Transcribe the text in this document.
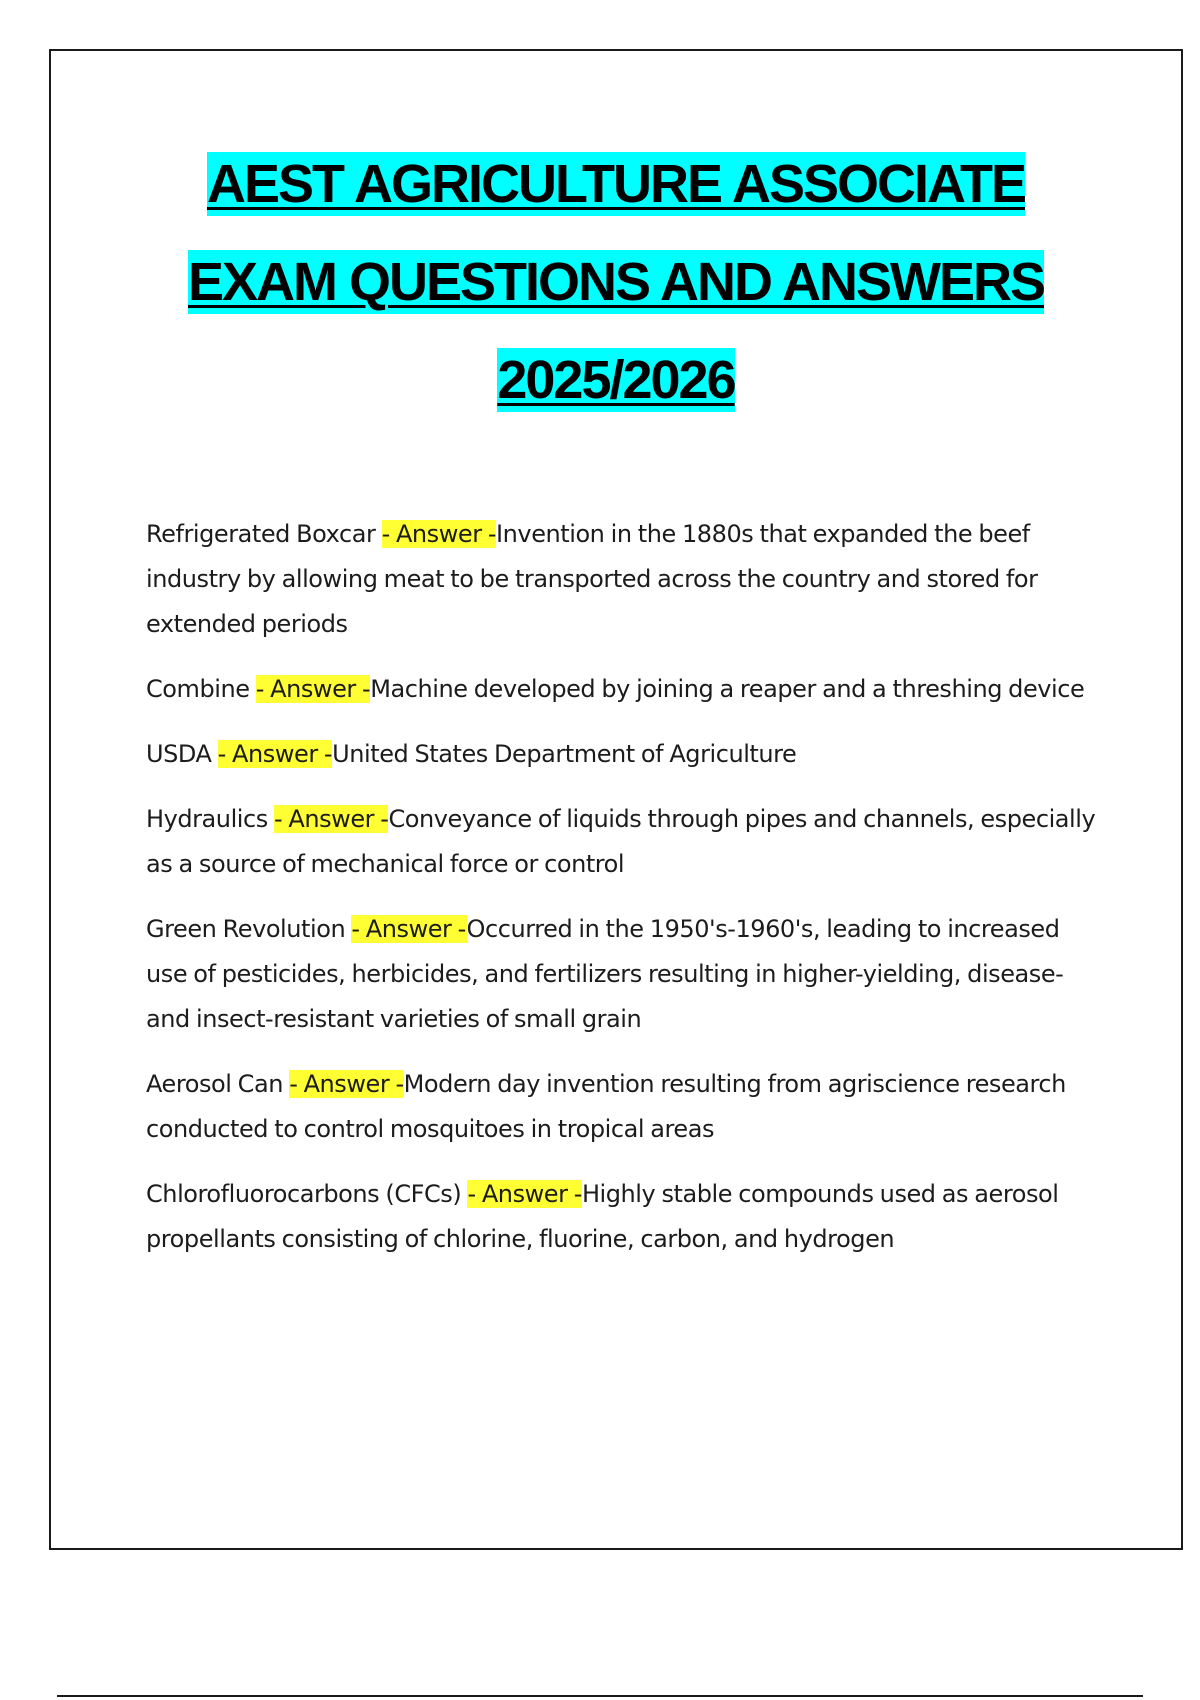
AEST AGRICULTURE ASSOCIATE
EXAM QUESTIONS AND ANSWERS
2025/2026
Refrigerated Boxcar - Answer -Invention in the 1880s that expanded the beef industry by allowing meat to be transported across the country and stored for extended periods
Combine - Answer -Machine developed by joining a reaper and a threshing device
USDA - Answer -United States Department of Agriculture
Hydraulics - Answer -Conveyance of liquids through pipes and channels, especially as a source of mechanical force or control
Green Revolution - Answer -Occurred in the 1950's-1960's, leading to increased use of pesticides, herbicides, and fertilizers resulting in higher-yielding, disease- and insect-resistant varieties of small grain
Aerosol Can - Answer -Modern day invention resulting from agriscience research conducted to control mosquitoes in tropical areas
Chlorofluorocarbons (CFCs) - Answer -Highly stable compounds used as aerosol propellants consisting of chlorine, fluorine, carbon, and hydrogen
